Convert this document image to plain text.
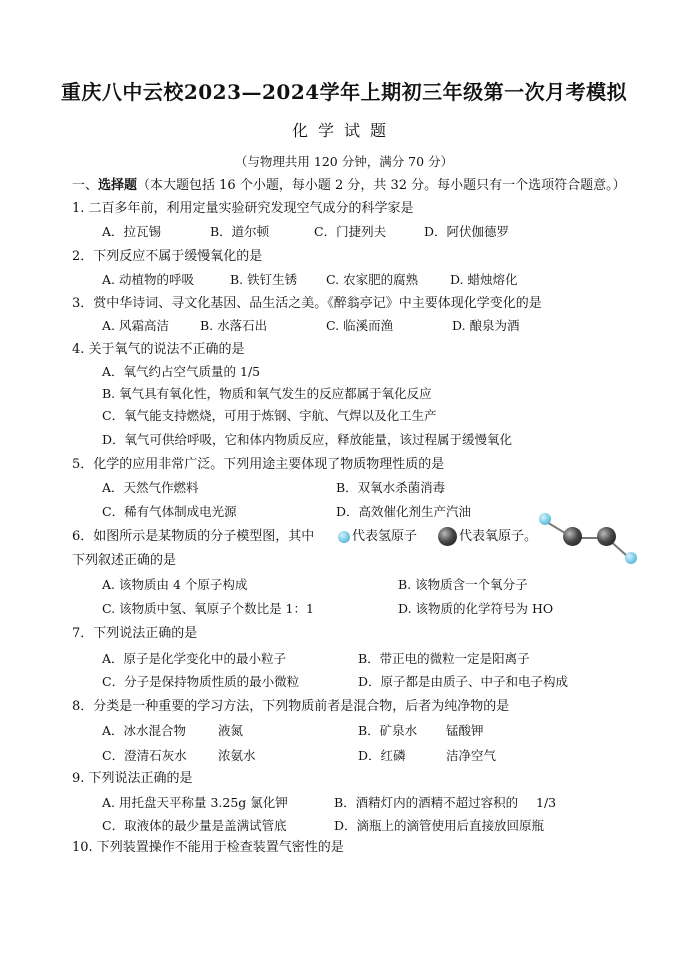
重庆八中云校2023—2024学年上期初三年级第一次月考模拟
化学试题
（与物理共用 120 分钟，满分 70 分）
一、选择题（本大题包括 16 个小题，每小题 2 分，共 32 分。每小题只有一个选项符合题意。）
1. 二百多年前，利用定量实验研究发现空气成分的科学家是
A．拉瓦锡	B．道尔顿	C．门捷列夫	D．阿伏伽德罗
2．下列反应不属于缓慢氧化的是
A. 动植物的呼吸	B. 铁钉生锈 C. 农家肥的腐熟	D. 蜡烛熔化
3．赏中华诗词、寻文化基因、品生活之美。《醉翁亭记》中主要体现化学变化的是
A. 风霜高洁 B. 水落石出	C. 临溪而渔	D. 酿泉为酒
4. 关于氧气的说法不正确的是
A．氧气约占空气质量的 1/5
B. 氧气具有氧化性，物质和氧气发生的反应都属于氧化反应
C．氧气能支持燃烧，可用于炼钢、宇航、气焊以及化工生产
D．氧气可供给呼吸，它和体内物质反应，释放能量，该过程属于缓慢氧化
5．化学的应用非常广泛。下列用途主要体现了物质物理性质的是
A．天然气作燃料	B．双氧水杀菌消毒
C．稀有气体制成电光源	D．高效催化剂生产汽油
6．如图所示是某物质的分子模型图，其中	代表氢原子	代表氧原子。
下列叙述正确的是
A. 该物质由 4 个原子构成	B. 该物质含一个氧分子
C. 该物质中氢、氧原子个数比是 1：1	D. 该物质的化学符号为 HO
7．下列说法正确的是
A．原子是化学变化中的最小粒子	B．带正电的微粒一定是阳离子
C．分子是保持物质性质的最小微粒	D．原子都是由质子、中子和电子构成
8．分类是一种重要的学习方法，下列物质前者是混合物，后者为纯净物的是
A．冰水混合物	液氮	B．矿泉水 锰酸钾
C．澄清石灰水	浓氨水	D．红磷	洁净空气
9. 下列说法正确的是
A. 用托盘天平称量 3.25g 氯化钾	B．酒精灯内的酒精不超过容积的 1/3
C．取液体的最少量是盖满试管底	D．滴瓶上的滴管使用后直接放回原瓶
10. 下列装置操作不能用于检查装置气密性的是
